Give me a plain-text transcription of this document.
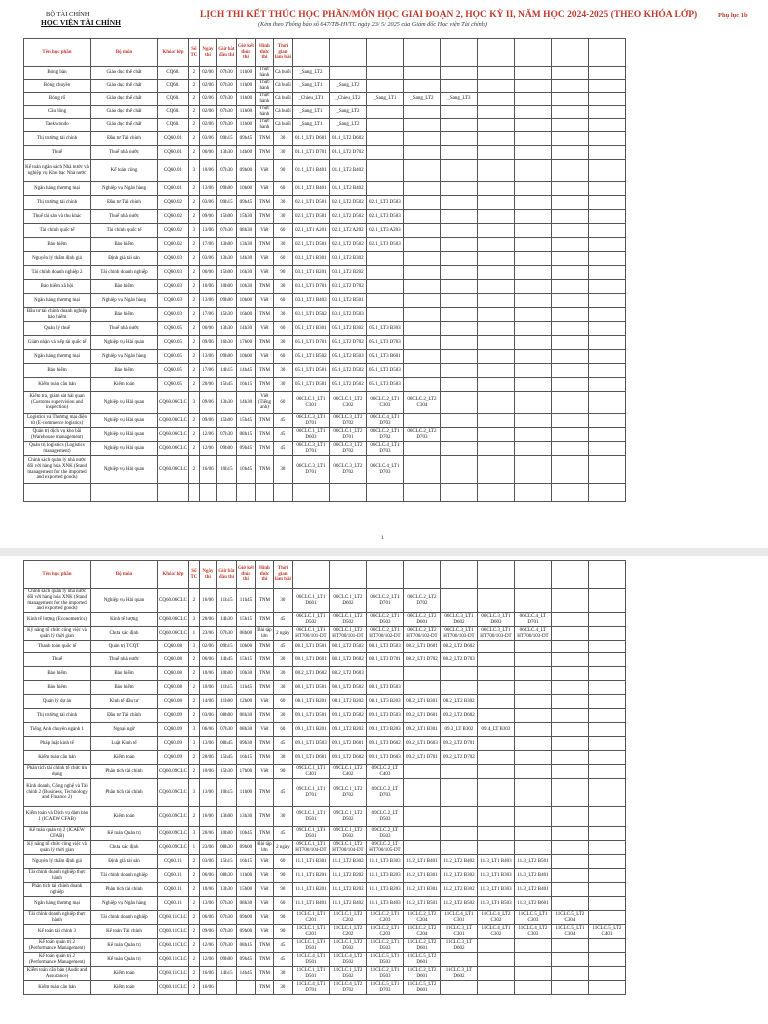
BỘ TÀI CHÍNH
HỌC VIỆN TÀI CHÍNH
LỊCH THI KẾT THÚC HỌC PHẦN/MÔN HỌC GIAI ĐOẠN 2, HỌC KỲ II, NĂM HỌC 2024-2025 (THEO KHÓA LỚP)
(Kèm theo Thông báo số 647/TB-HVTC ngày 23/ 5/ 2025 của Giám đốc Học viện Tài chính)
Phụ lục 1b
Tên học phần	Bộ môn	Khóa/ lớp	Số TC	Ngày thi	Giờ bắt đầu thi	Giờ kết thúc thi	Hình thức thi	Thời gian làm bài									
Bóng bàn	Giáo dục thể chất	CQ60.	2	02/06	07h30	11h00	Thực hành	Cả buổi	_Sang_LT2								
Bóng chuyền	Giáo dục thể chất	CQ60.	2	02/06	07h30	11h00	Thực hành	Cả buổi	_Sang_LT1	_Sang_LT2							
Bóng rổ	Giáo dục thể chất	CQ60.	2	02/06	07h30	11h00	Thực hành	Cả buổi	_Chieu_LT1	_Chieu_LT2	_Sang_LT1	_Sang_LT2	_Sang_LT3				
Cầu lông	Giáo dục thể chất	CQ60.	2	02/06	07h30	11h00	Thực hành	Cả buổi	_Sang_LT1	_Sang_LT2							
Taekwondo	Giáo dục thể chất	CQ60.	2	02/06	07h30	11h00	Thực hành	Cả buổi	_Sang_LT1	_Sang_LT2							
Thị trường tài chính	Đầu tư Tài chính	CQ60.01	2	03/06	09h15	09h45	TNM	30	01.1_LT1 D601	01.1_LT2 D602							
Thuế	Thuế nhà nước	CQ60.01	2	06/06	13h30	14h00	TNM	30	01.1_LT1 D701	01.1_LT2 D702							
Kế toán ngân sách Nhà nước và nghiệp vụ Kho bạc Nhà nước	Kế toán công	CQ60.01	3	10/06	07h30	09h00	Viết	90	01.1_LT1 B401	01.1_LT2 B402							
Ngân hàng thương mại	Nghiệp vụ Ngân hàng	CQ60.01	2	13/06	09h00	10h00	Viết	60	01.1_LT1 B401	01.1_LT2 B402							
Thị trường tài chính	Đầu tư Tài chính	CQ60.02	2	03/06	09h15	09h45	TNM	30	02.1_LT1 D501	02.1_LT2 D502	02.1_LT3 D503						
Thuế tài sản và thu khác	Thuế nhà nước	CQ60.02	2	09/06	15h00	15h30	TNM	30	02.1_LT1 D501	02.1_LT2 D502	02.1_LT3 D503						
Tài chính quốc tế	Tài chính quốc tế	CQ60.02	3	13/06	07h30	08h30	Viết	60	02.1_LT1 A201	02.1_LT2 A202	02.1_LT3 A203						
Bảo hiểm	Bảo hiểm	CQ60.02	2	17/06	13h00	13h30	TNM	30	02.1_LT1 D501	02.1_LT2 D502	02.1_LT3 D503						
Nguyên lý thẩm định giá	Định giá tài sản	CQ60.03	2	03/06	13h30	14h30	Viết	60	03.1_LT1 B301	03.1_LT2 B302							
Tài chính doanh nghiệp 2	Tài chính doanh nghiệp	CQ60.03	2	06/06	15h00	16h30	Viết	90	03.1_LT1 B201	03.1_LT2 B202							
Bảo hiểm xã hội	Bảo hiểm	CQ60.03	2	10/06	10h00	10h30	TNM	30	03.1_LT1 D701	03.1_LT2 D702							
Ngân hàng thương mại	Nghiệp vụ Ngân hàng	CQ60.03	2	13/06	09h00	10h00	Viết	60	03.1_LT1 B403	03.1_LT2 B501							
Đầu tư tài chính doanh nghiệp bảo hiểm	Bảo hiểm	CQ60.03	2	17/06	15h30	16h00	TNM	30	03.1_LT1 D502	03.1_LT2 D503							
Quản lý thuế	Thuế nhà nước	CQ60.05	2	06/06	13h30	14h30	Viết	60	05.1_LT1 B301	05.1_LT2 B302	05.1_LT3 B303						
Giám nhận và xếp tài quốc tế	Nghiệp vụ Hải quan	CQ60.05	2	09/06	16h30	17h00	TNM	30	05.1_LT1 D701	05.1_LT2 D702	05.1_LT3 D703						
Ngân hàng thương mại	Nghiệp vụ Ngân hàng	CQ60.05	2	13/06	09h00	10h00	Viết	60	05.1_LT1 B502	05.1_LT2 B503	05.1_LT3 B601						
Bảo hiểm	Bảo hiểm	CQ60.05	2	17/06	14h15	14h45	TNM	30	05.1_LT1 D501	05.1_LT2 D502	05.1_LT3 D503						
Kiểm toán căn bản	Kiểm toán	CQ60.05	2	20/06	15h45	16h15	TNM	30	05.1_LT1 D501	05.1_LT2 D502	05.1_LT3 D503						
Kiểm tra, giám sát hải quan (Customs supervision and inspection)	Nghiệp vụ Hải quan	CQ60.06CLC	3	09/06	13h30	14h30	Viết (Tiếng anh)	60	06CLC.1_LT1 C301	06CLC.1_LT2 C302	06CLC.2_LT1 C303	06CLC.2_LT2 C304					
Logistics và Thương mại điện tử (E-commerce logistics)	Nghiệp vụ Hải quan	CQ60.06CLC	2	09/06	15h00	15h45	TNM	45	06CLC.3_LT1 D701	06CLC.3_LT2 D702	06CLC.4_LT1 D703						
Quản trị dịch vụ kho bãi (Warehouse management)	Nghiệp vụ Hải quan	CQ60.06CLC	2	12/06	07h30	08h15	TNM	45	06CLC.1_LT1 D603	06CLC.1_LT2 D701	06CLC.2_LT1 D702	06CLC.2_LT2 D703					
Quản trị logistics (Logistics management)	Nghiệp vụ Hải quan	CQ60.06CLC	2	12/06	09h00	09h45	TNM	45	06CLC.3_LT1 D701	06CLC.3_LT2 D702	06CLC.4_LT1 D703						
Chính sách quản lý nhà nước đối với hàng hóa XNK (Stand management for the imported and exported goods)	Nghiệp vụ Hải quan	CQ60.06CLC	2	16/06	10h15	10h45	TNM	30	06CLC.3_LT1 D701	06CLC.3_LT2 D702	06CLC.4_LT1 D703						

1
Tên học phần	Bộ môn	Khóa/ lớp	Số TC	Ngày thi	Giờ bắt đầu thi	Giờ kết thúc thi	Hình thức thi	Thời gian làm bài									
Chính sách quản lý nhà nước đối với hàng hóa XNK (Stand management for the imported and exported goods)	Nghiệp vụ Hải quan	CQ60.06CLC	2	16/06	11h15	11h45	TNM	30	06CLC.1_LT1 D601	06CLC.1_LT2 D602	06CLC.2_LT1 D701	06CLC.2_LT2 D702					
Kinh tế lượng (Econometrics)	Kinh tế lượng	CQ60.06CLC	3	20/06	14h30	15h15	TNM	45	06CLC.1_LT1 D502	06CLC.1_LT2 D502	06CLC.2_LT1 D503	06CLC.2_LT2 D601	06CLC.3_LT1 D602	06CLC.3_LT1 D603	06CLC.4_LT D701		
Kỹ năng tổ chức công việc và quản lý thời gian	Chưa xác định	CQ60.06CLC	1	23/06	07h30	08h00	Bài tập lớn	2 ngày	06CLC.1_LT1 HT700/101-DT	06CLC.1_LT2 HT700/101-DT	06CLC.2_LT1 HT700/102-DT	06CLC.2_LT2 HT700/102-DT	06CLC.3_LT1 HT700/103-DT	06CLC.3_LT1 HT700/103-DT	06CLC.4_LT HT700/103-DT		
Thanh toán quốc tế	Quản trị TCQT	CQ60.08	3	02/06	09h15	10h00	TNM	45	08.1_LT1 D501	08.1_LT2 D502	08.1_LT3 D503	08.2_LT1 D601	08.2_LT2 D602				
Thuế	Thuế nhà nước	CQ60.08	2	06/06	14h45	15h15	TNM	30	08.1_LT1 D601	08.1_LT2 D602	08.1_LT3 D701	08.2_LT1 D702	08.2_LT2 D703				
Bảo hiểm	Bảo hiểm	CQ60.08	2	10/06	10h00	10h30	TNM	30	08.2_LT1 D602	08.2_LT2 D603							
Bảo hiểm	Bảo hiểm	CQ60.08	2	10/06	11h15	11h45	TNM	30	08.1_LT1 D501	08.1_LT2 D502	08.1_LT3 D503						
Quản lý dự án	Kinh tế đầu tư	CQ60.08	2	14/06	11h00	12h00	Viết	60	08.1_LT1 B201	08.1_LT2 B202	08.1_LT3 B203	08.2_LT1 B301	08.2_LT2 B302				
Thị trường tài chính	Đầu tư Tài chính	CQ60.09	2	03/06	08h00	08h30	TNM	30	09.1_LT1 D501	09.1_LT2 D502	09.1_LT3 D503	09.2_LT1 D601	09.2_LT2 D602				
Tiếng Anh chuyên ngành 1	Ngoại ngữ	CQ60.09	3	06/06	07h30	08h30	Viết	60	09.1_LT1 B201	09.1_LT2 B202	09.1_LT3 B203	09.2_LT1 B301	09.3_LT B302	09.4_LT B303			
Pháp luật kinh tế	Luật Kinh tế	CQ60.09	3	13/06	08h45	09h30	TNM	45	09.1_LT1 D503	09.1_LT2 D601	09.1_LT3 D602	09.2_LT1 D603	09.2_LT2 D701				
Kiểm toán căn bản	Kiểm toán	CQ60.09	2	20/06	15h45	16h15	TNM	30	09.1_LT1 D601	09.1_LT2 D602	09.1_LT3 D603	09.2_LT1 D701	09.2_LT2 D702				
Phân tích tài chính tổ chức tín dụng	Phân tích tài chính	CQ60.09CLC	2	10/06	15h30	17h00	Viết	90	09CLC.1_LT1 C401	09CLC.1_LT2 C402	09CLC.2_LT C403						
Kinh doanh, Công nghệ và Tài chính 2 (Business, Technology and Finance 2)	Phân tích tài chính	CQ60.09CLC	3	13/06	10h15	11h00	TNM	45	09CLC.1_LT1 D701	09CLC.1_LT2 D702	09CLC.2_LT D703						
Kiểm toán và Dịch vụ đảm bảo 1 (ICAEW CFAB)	Kiểm toán	CQ60.09CLC	2	16/06	13h00	13h30	TNM	30	09CLC.1_LT1 D501	09CLC.1_LT2 D502	09CLC.2_LT D503						
Kế toán quản trị 2 (ICAEW CFAB)	Kế toán Quản trị	CQ60.09CLC	3	20/06	10h00	10h45	TNM	45	09CLC.1_LT1 D501	09CLC.1_LT2 D502	09CLC.2_LT D503						
Kỹ năng tổ chức công việc và quản lý thời gian	Chưa xác định	CQ60.09CLC	1	23/06	08h30	09h00	Bài tập lớn	2 ngày	09CLC.1_LT1 HT700/104-DT	09CLC.1_LT2 HT700/104-DT	09CLC.2_LT HT700/105-DT						
Nguyên lý thẩm định giá	Định giá tài sản	CQ60.11	2	03/06	15h15	16h15	Viết	60	11.1_LT1 B301	11.1_LT2 B302	11.1_LT3 B303	11.2_LT1 B401	11.2_LT2 B402	11.3_LT1 B403	11.3_LT2 B501		
Tài chính doanh nghiệp thực hành	Tài chính doanh nghiệp	CQ60.11	2	06/06	08h30	11h00	Viết	90	11.1_LT1 B201	11.1_LT2 B202	11.1_LT3 B203	11.2_LT1 B301	11.2_LT2 B302	11.3_LT1 B303	11.3_LT2 B401		
Phân tích tài chính doanh nghiệp	Phân tích tài chính	CQ60.11	2	10/06	13h30	15h00	Viết	90	11.1_LT1 B201	11.1_LT2 B202	11.1_LT3 B203	11.2_LT1 B301	11.2_LT2 B302	11.3_LT1 B303	11.3_LT2 B401		
Ngân hàng thương mại	Nghiệp vụ Ngân hàng	CQ60.11	2	13/06	07h30	08h30	Viết	60	11.1_LT1 B401	11.1_LT2 B402	11.1_LT3 B403	11.2_LT1 B501	11.2_LT2 B502	11.3_LT1 B503	11.3_LT2 B601		
Tài chính doanh nghiệp thực hành	Tài chính doanh nghiệp	CQ60.11CLC	2	06/06	07h30	09h00	Viết	90	11CLC.1_LT1 C201	11CLC.1_LT2 C202	11CLC.2_LT1 C203	11CLC.2_LT2 C204	11CLC.4_LT1 C301	11CLC.4_LT2 C302	11CLC.5_LT1 C303	11CLC.5_LT2 C304	
Kế toán tài chính 3	Kế toán Tài chính	CQ60.11CLC	2	09/06	07h30	09h00	Viết	90	11CLC.1_LT1 C201	11CLC.1_LT2 C202	11CLC.2_LT1 C203	11CLC.2_LT2 C204	11CLC.3_LT C301	11CLC.4_LT1 C302	11CLC.4_LT2 C303	11CLC.5_LT1 C304	11CLC.5_LT2 C401
Kế toán quản trị 2 (Performance Management)	Kế toán Quản trị	CQ60.11CLC	2	12/06	07h30	08h15	TNM	45	11CLC.1_LT1 D501	11CLC.1_LT2 D502	11CLC.2_LT1 D503	11CLC.2_LT2 D601	11CLC.3_LT D602				
Kế toán quản trị 2 (Performance Management)	Kế toán Quản trị	CQ60.11CLC	2	12/06	09h00	09h45	TNM	45	11CLC.4_LT1 D501	11CLC.4_LT2 D502	11CLC.5_LT1 D503	11CLC.5_LT2 D601					
Kiểm toán căn bản (Audit and Assurance)	Kiểm toán	CQ60.11CLC	2	16/06	14h15	14h45	TNM	30	11CLC.1_LT1 D501	11CLC.1_LT2 D502	11CLC.2_LT1 D503	11CLC.2_LT2 D601	11CLC.3_LT D602				
Kiểm toán căn bản	Kiểm toán	CQ60.11CLC	2	16/06			TNM	30	11CLC.4_LT1 D701	11CLC.4_LT2 D702	11CLC.5_LT1 D703	11CLC.5_LT2 D601					
